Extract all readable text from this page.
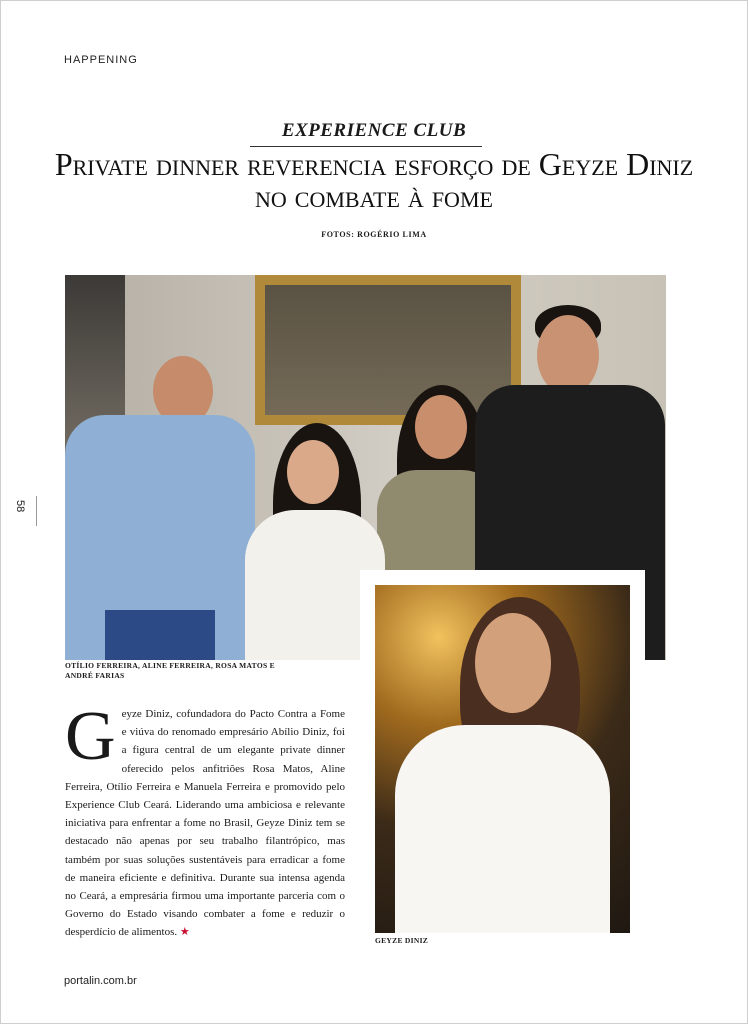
HAPPENING
EXPERIENCE CLUB
Private dinner reverencia esforço de Geyze Diniz no combate à fome
FOTOS: ROGÉRIO LIMA
58
OTÍLIO FERREIRA, ALINE FERREIRA, ROSA MATOS E ANDRÉ FARIAS
GEYZE DINIZ
Geyze Diniz, cofundadora do Pacto Contra a Fome e viúva do renomado empresário Abílio Diniz, foi a figura central de um elegante private dinner oferecido pelos anfitriões Rosa Matos, Aline Ferreira, Otílio Ferreira e Manuela Ferreira e promovido pelo Experience Club Ceará. Liderando uma ambiciosa e relevante iniciativa para enfrentar a fome no Brasil, Geyze Diniz tem se destacado não apenas por seu trabalho filantrópico, mas também por suas soluções sustentáveis para erradicar a fome de maneira eficiente e definitiva. Durante sua intensa agenda no Ceará, a empresária firmou uma importante parceria com o Governo do Estado visando combater a fome e reduzir o desperdício de alimentos. ★
portalin.com.br
